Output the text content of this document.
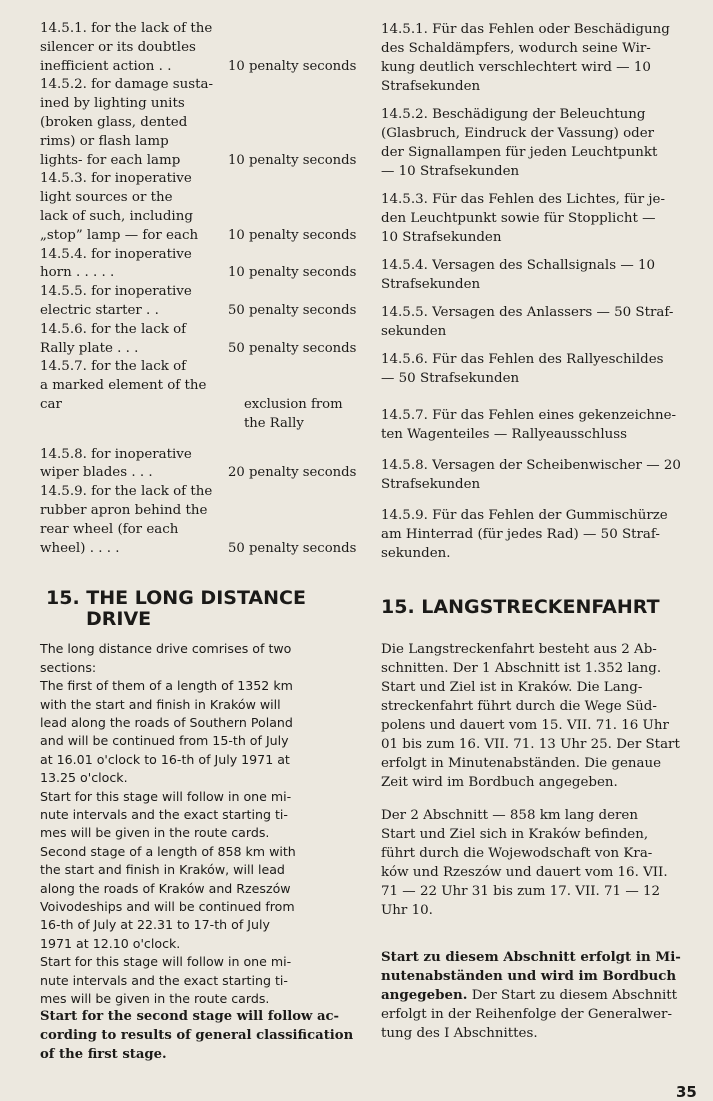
14.5.1. for the lack of the
silencer or its doubtles
inefficient action . .	10 penalty seconds
14.5.2. for damage susta-
ined by lighting units
(broken glass, dented
rims) or flash lamp
lights- for each lamp	10 penalty seconds
14.5.3. for inoperative
light sources or the
lack of such, including
„stop” lamp — for each	10 penalty seconds
14.5.4. for inoperative
horn . . . . .	10 penalty seconds
14.5.5. for inoperative
electric starter . .	50 penalty seconds
14.5.6. for the lack of
Rally plate . . .	50 penalty seconds
14.5.7. for the lack of
a marked element of the
car	exclusion from the Rally
14.5.8. for inoperative
wiper blades . . .	20 penalty seconds
14.5.9. for the lack of the
rubber apron behind the
rear wheel (for each
wheel) . . . .	50 penalty seconds
15. THE LONG DISTANCE
DRIVE
The long distance drive comrises of two
sections:
The first of them of a length of 1352 km
with the start and finish in Kraków will
lead along the roads of Southern Poland
and will be continued from 15-th of July
at 16.01 o'clock to 16-th of July 1971 at
13.25 o'clock.
Start for this stage will follow in one mi-
nute intervals and the exact starting ti-
mes will be given in the route cards.
Second stage of a length of 858 km with
the start and finish in Kraków, will lead
along the roads of Kraków and Rzeszów
Voivodeships and will be continued from
16-th of July at 22.31 to 17-th of July
1971 at 12.10 o'clock.
Start for this stage will follow in one mi-
nute intervals and the exact starting ti-
mes will be given in the route cards.
Start for the second stage will follow ac-
cording to results of general classification
of the first stage.
14.5.1. Für das Fehlen oder Beschädigung
des Schaldämpfers, wodurch seine Wir-
kung deutlich verschlechtert wird — 10
Strafsekunden
14.5.2. Beschädigung der Beleuchtung
(Glasbruch, Eindruck der Vassung) oder
der Signallampen für jeden Leuchtpunkt
— 10 Strafsekunden
14.5.3. Für das Fehlen des Lichtes, für je-
den Leuchtpunkt sowie für Stopplicht —
10 Strafsekunden
14.5.4. Versagen des Schallsignals — 10
Strafsekunden
14.5.5. Versagen des Anlassers — 50 Straf-
sekunden
14.5.6. Für das Fehlen des Rallyeschildes
— 50 Strafsekunden
14.5.7. Für das Fehlen eines gekenzeichne-
ten Wagenteiles — Rallyeausschluss
14.5.8. Versagen der Scheibenwischer — 20
Strafsekunden
14.5.9. Für das Fehlen der Gummischürze
am Hinterrad (für jedes Rad) — 50 Straf-
sekunden.
15. LANGSTRECKENFAHRT
Die Langstreckenfahrt besteht aus 2 Ab-
schnitten. Der 1 Abschnitt ist 1.352 lang.
Start und Ziel ist in Kraków. Die Lang-
streckenfahrt führt durch die Wege Süd-
polens und dauert vom 15. VII. 71. 16 Uhr
01 bis zum 16. VII. 71. 13 Uhr 25. Der Start
erfolgt in Minutenabständen. Die genaue
Zeit wird im Bordbuch angegeben.
Der 2 Abschnitt — 858 km lang deren
Start und Ziel sich in Kraków befinden,
führt durch die Wojewodschaft von Kra-
ków und Rzeszów und dauert vom 16. VII.
71 — 22 Uhr 31 bis zum 17. VII. 71 — 12
Uhr 10.
Start zu diesem Abschnitt erfolgt in Mi-
nutenabständen und wird im Bordbuch
angegeben. Der Start zu diesem Abschnitt
erfolgt in der Reihenfolge der Generalwer-
tung des I Abschnittes.
35
